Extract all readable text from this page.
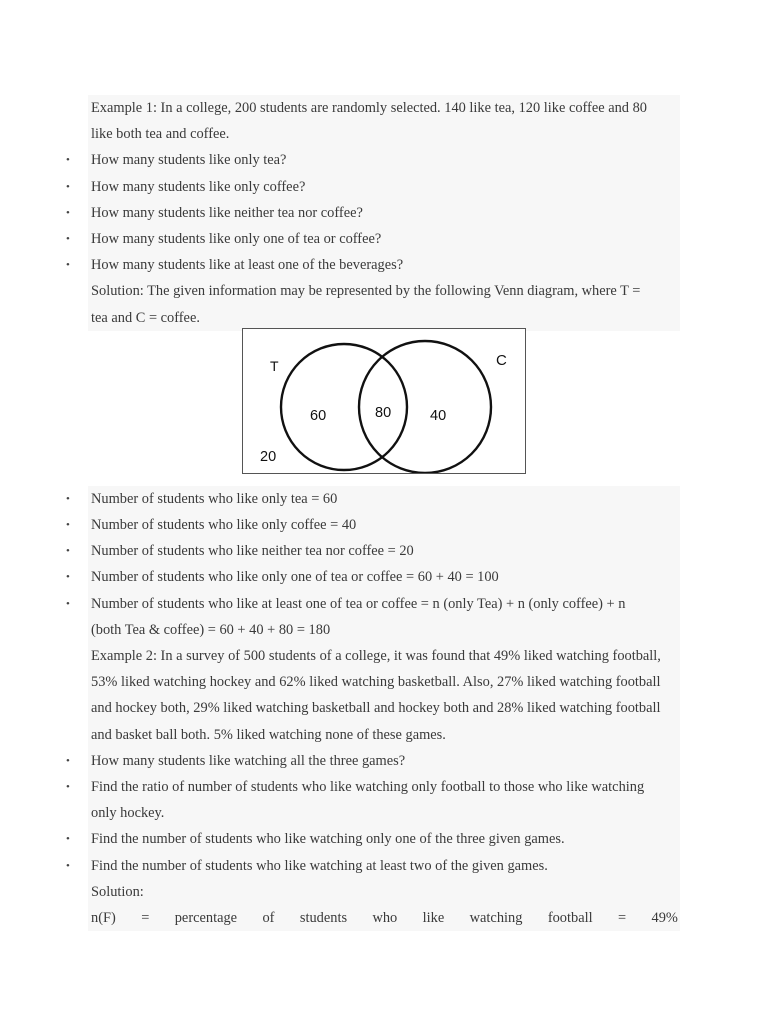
Example 1: In a college, 200 students are randomly selected. 140 like tea, 120 like coffee and 80
like both tea and coffee.
• How many students like only tea?
• How many students like only coffee?
• How many students like neither tea nor coffee?
• How many students like only one of tea or coffee?
• How many students like at least one of the beverages?
Solution: The given information may be represented by the following Venn diagram, where T =
tea and C = coffee.
• Number of students who like only tea = 60
• Number of students who like only coffee = 40
• Number of students who like neither tea nor coffee = 20
• Number of students who like only one of tea or coffee = 60 + 40 = 100
• Number of students who like at least one of tea or coffee = n (only Tea) + n (only coffee) + n
(both Tea & coffee) = 60 + 40 + 80 = 180
Example 2: In a survey of 500 students of a college, it was found that 49% liked watching football,
53% liked watching hockey and 62% liked watching basketball. Also, 27% liked watching football
and hockey both, 29% liked watching basketball and hockey both and 28% liked watching football
and basket ball both. 5% liked watching none of these games.
• How many students like watching all the three games?
• Find the ratio of number of students who like watching only football to those who like watching
only hockey.
• Find the number of students who like watching only one of the three given games.
• Find the number of students who like watching at least two of the given games.
Solution:
n(F) = percentage of students who like watching football = 49%
T	C
60	80	40
20
